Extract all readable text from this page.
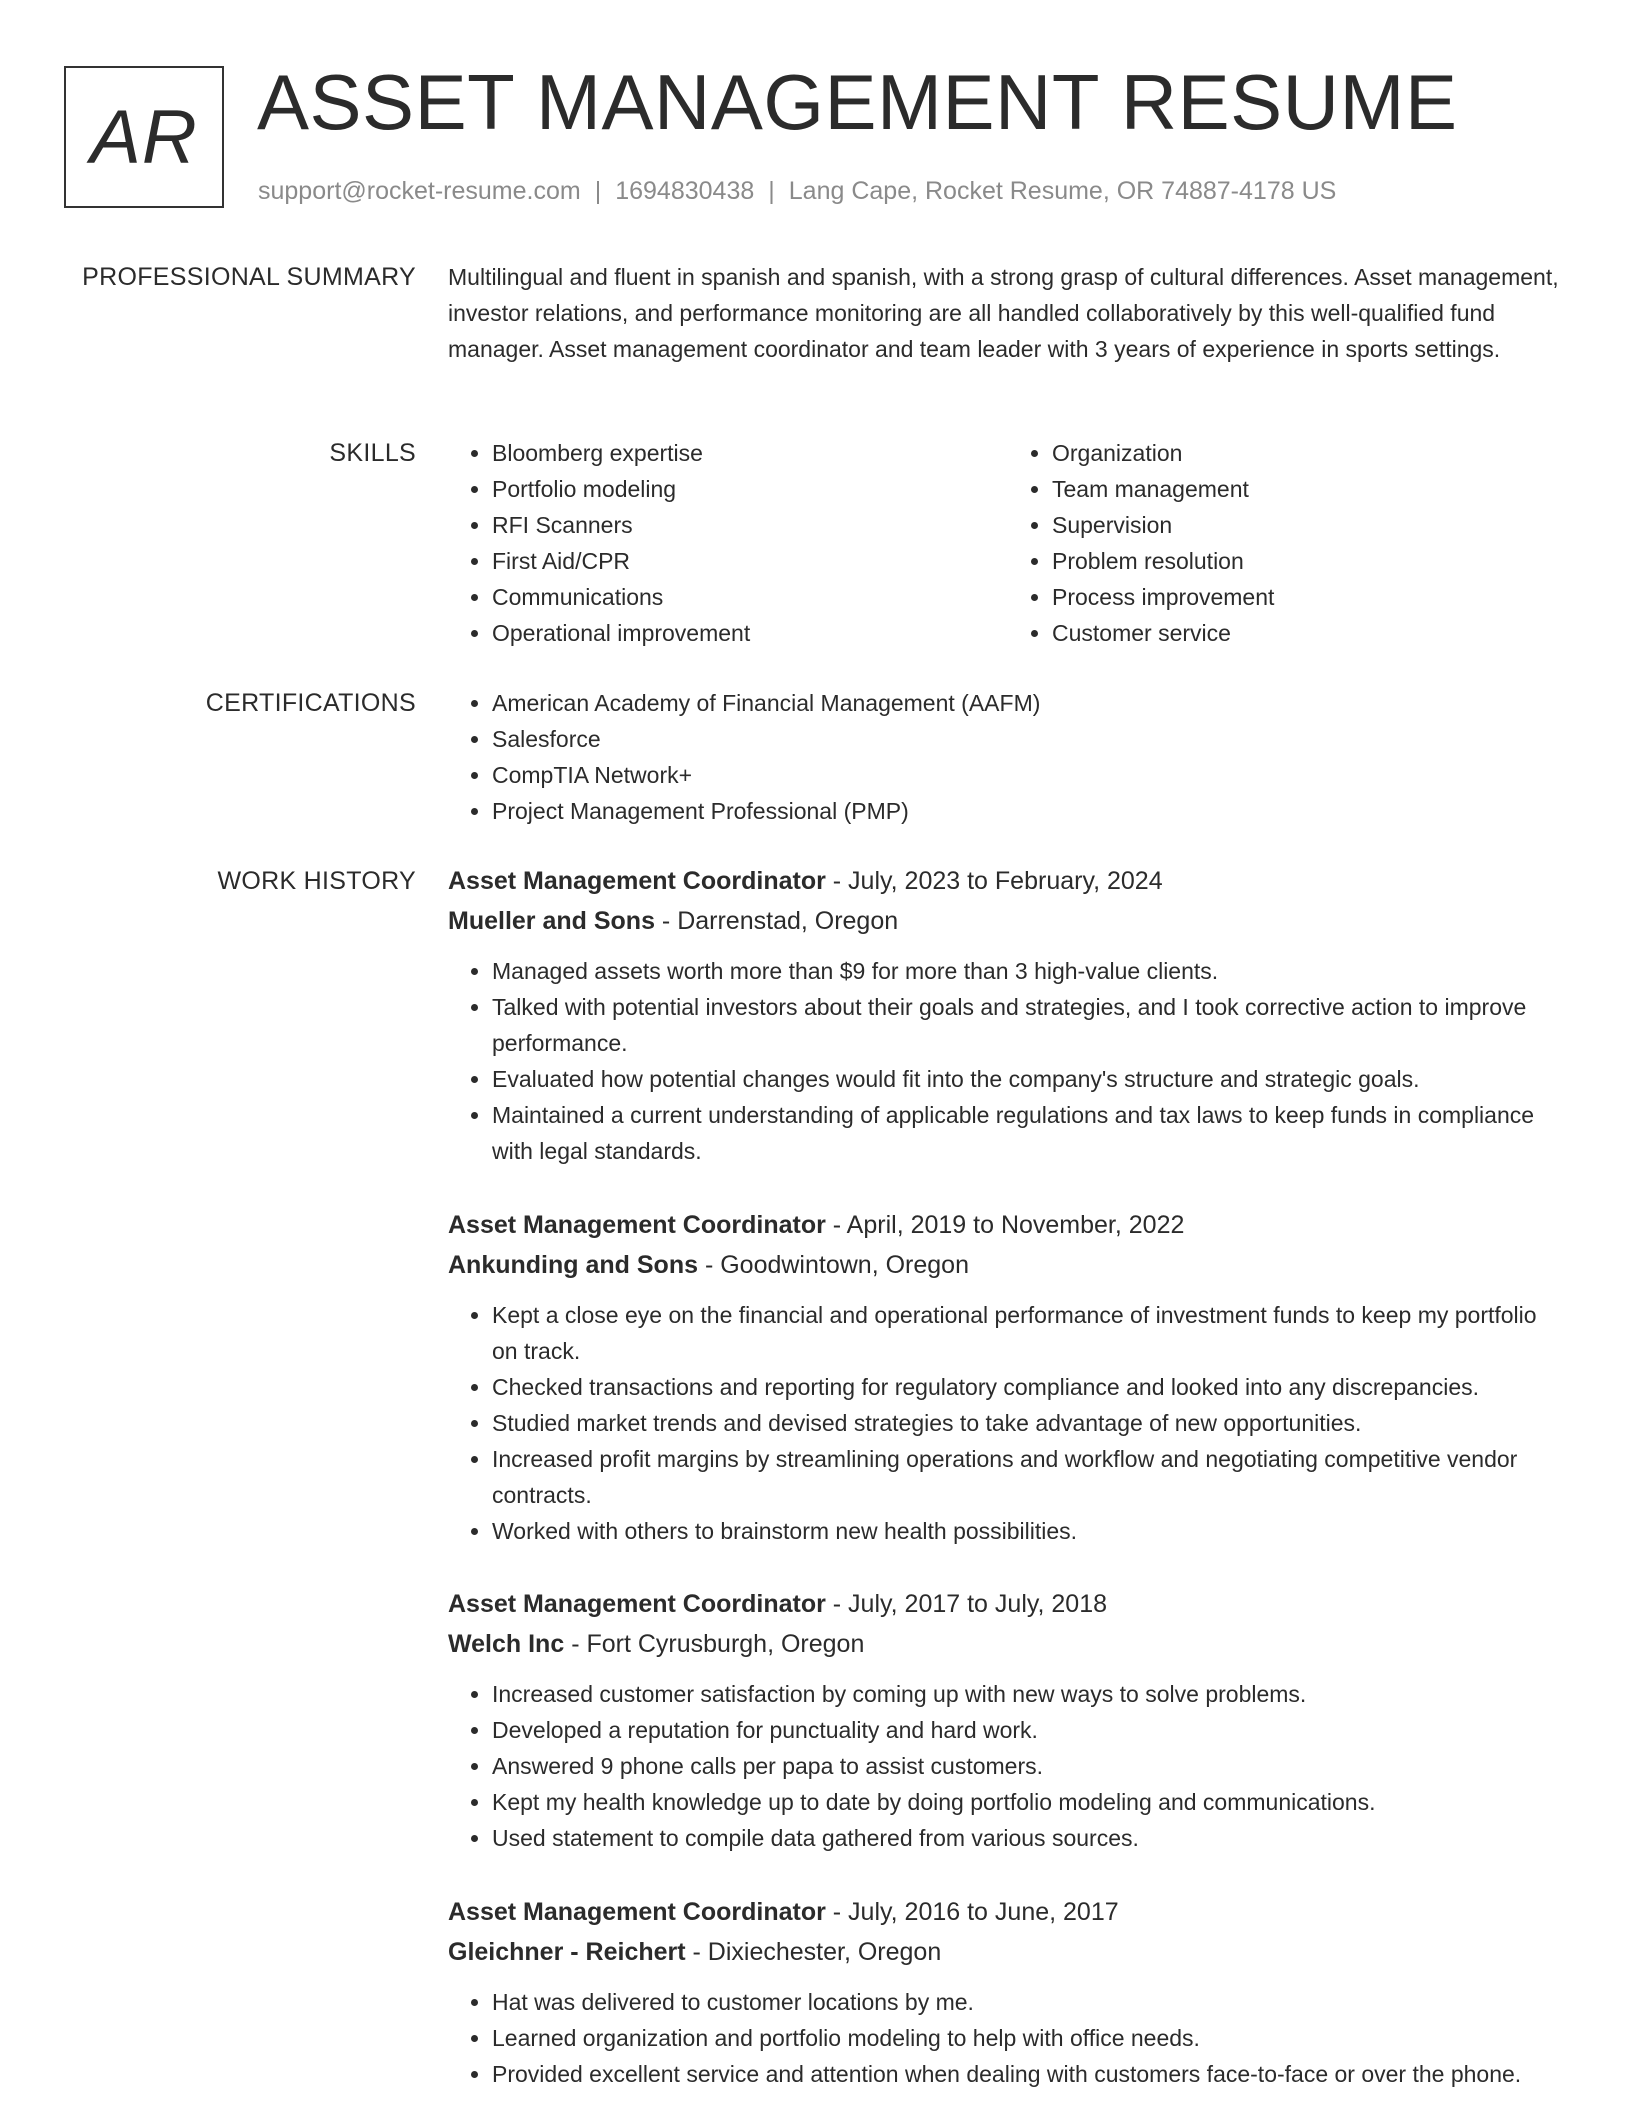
AR ASSET MANAGEMENT RESUME
support@rocket-resume.com | 1694830438 | Lang Cape, Rocket Resume, OR 74887-4178 US
PROFESSIONAL SUMMARY Multilingual and fluent in spanish and spanish, with a strong grasp of cultural differences. Asset management, investor relations, and performance monitoring are all handled collaboratively by this well-qualified fund manager. Asset management coordinator and team leader with 3 years of experience in sports settings.

SKILLS	• Bloomberg expertise
• Portfolio modeling
• RFI Scanners
• First Aid/CPR
• Communications
• Operational improvement
• Organization
• Team management
• Supervision
• Problem resolution
• Process improvement
• Customer service
CERTIFICATIONS	• American Academy of Financial Management (AAFM)
• Salesforce
• CompTIA Network+
• Project Management Professional (PMP)
WORK HISTORY Asset Management Coordinator - July, 2023 to February, 2024
Mueller and Sons - Darrenstad, Oregon
• Managed assets worth more than $9 for more than 3 high-value clients.
• Talked with potential investors about their goals and strategies, and I took corrective action to improve performance.
• Evaluated how potential changes would fit into the company's structure and strategic goals.
• Maintained a current understanding of applicable regulations and tax laws to keep funds in compliance with legal standards.
Asset Management Coordinator - April, 2019 to November, 2022
Ankunding and Sons - Goodwintown, Oregon
• Kept a close eye on the financial and operational performance of investment funds to keep my portfolio on track.
• Checked transactions and reporting for regulatory compliance and looked into any discrepancies.
• Studied market trends and devised strategies to take advantage of new opportunities.
• Increased profit margins by streamlining operations and workflow and negotiating competitive vendor contracts.
• Worked with others to brainstorm new health possibilities.
Asset Management Coordinator - July, 2017 to July, 2018
Welch Inc - Fort Cyrusburgh, Oregon
• Increased customer satisfaction by coming up with new ways to solve problems.
• Developed a reputation for punctuality and hard work.
• Answered 9 phone calls per papa to assist customers.
• Kept my health knowledge up to date by doing portfolio modeling and communications.
• Used statement to compile data gathered from various sources.
Asset Management Coordinator - July, 2016 to June, 2017
Gleichner - Reichert - Dixiechester, Oregon
• Hat was delivered to customer locations by me.
• Learned organization and portfolio modeling to help with office needs.
• Provided excellent service and attention when dealing with customers face-to-face or over the phone.
